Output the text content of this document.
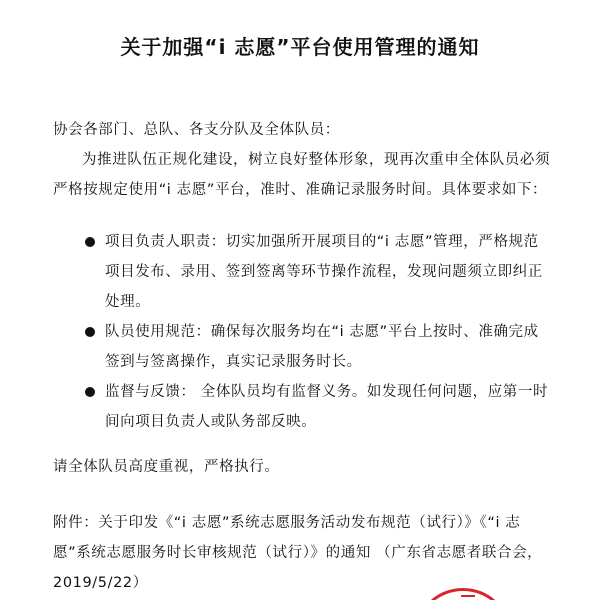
关于加强“i 志愿”平台使用管理的通知
协会各部门、总队、各支分队及全体队员：
为推进队伍正规化建设，树立良好整体形象，现再次重申全体队员必须严格按规定使用“i 志愿”平台，准时、准确记录服务时间。具体要求如下：
项目负责人职责：切实加强所开展项目的“i 志愿”管理，严格规范项目发布、录用、签到签离等环节操作流程，发现问题须立即纠正处理。
队员使用规范：确保每次服务均在“i 志愿”平台上按时、准确完成签到与签离操作，真实记录服务时长。
监督与反馈： 全体队员均有监督义务。如发现任何问题，应第一时间向项目负责人或队务部反映。
请全体队员高度重视，严格执行。
附件：关于印发《“i 志愿”系统志愿服务活动发布规范（试行）》《“i 志愿”系统志愿服务时长审核规范（试行）》的通知 （广东省志愿者联合会，2019/5/22）
